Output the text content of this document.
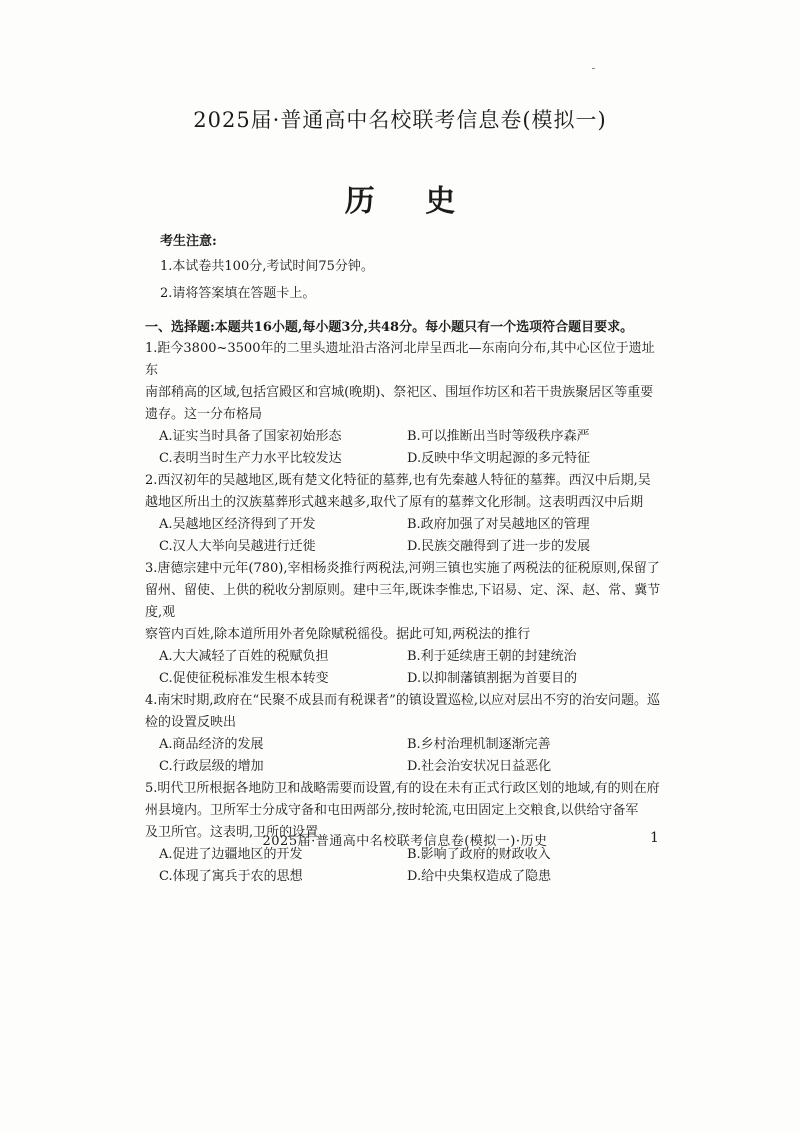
2025届·普通高中名校联考信息卷(模拟一)
历 史

考生注意:

1.本试卷共100分,考试时间75分钟。

2.请将答案填在答题卡上。

一、选择题:本题共16小题,每小题3分,共48分。每小题只有一个选项符合题目要求。

1.距今3800~3500年的二里头遗址沿古洛河北岸呈西北—东南向分布,其中心区位于遗址东

南部稍高的区域,包括宫殿区和宫城(晚期)、祭祀区、围垣作坊区和若干贵族聚居区等重要

遗存。这一分布格局

A.证实当时具备了国家初始形态	B.可以推断出当时等级秩序森严
C.表明当时生产力水平比较发达	D.反映中华文明起源的多元特征

2.西汉初年的吴越地区,既有楚文化特征的墓葬,也有先秦越人特征的墓葬。西汉中后期,吴

越地区所出土的汉族墓葬形式越来越多,取代了原有的墓葬文化形制。这表明西汉中后期

A.吴越地区经济得到了开发	B.政府加强了对吴越地区的管理
C.汉人大举向吴越进行迁徙	D.民族交融得到了进一步的发展

3.唐德宗建中元年(780),宰相杨炎推行两税法,河朔三镇也实施了两税法的征税原则,保留了

留州、留使、上供的税收分割原则。建中三年,既诛李惟忠,下诏易、定、深、赵、常、冀节度,观

察管内百姓,除本道所用外者免除赋税徭役。据此可知,两税法的推行

A.大大减轻了百姓的税赋负担	B.利于延续唐王朝的封建统治
C.促使征税标准发生根本转变	D.以抑制藩镇割据为首要目的

4.南宋时期,政府在“民聚不成县而有税课者”的镇设置巡检,以应对层出不穷的治安问题。巡

检的设置反映出

A.商品经济的发展	B.乡村治理机制逐渐完善
C.行政层级的增加	D.社会治安状况日益恶化

5.明代卫所根据各地防卫和战略需要而设置,有的设在未有正式行政区划的地域,有的则在府

州县境内。卫所军士分成守备和屯田两部分,按时轮流,屯田固定上交粮食,以供给守备军

及卫所官。这表明,卫所的设置

A.促进了边疆地区的开发	B.影响了政府的财政收入
C.体现了寓兵于农的思想	D.给中央集权造成了隐患
2025届·普通高中名校联考信息卷(模拟一)·历史	1
